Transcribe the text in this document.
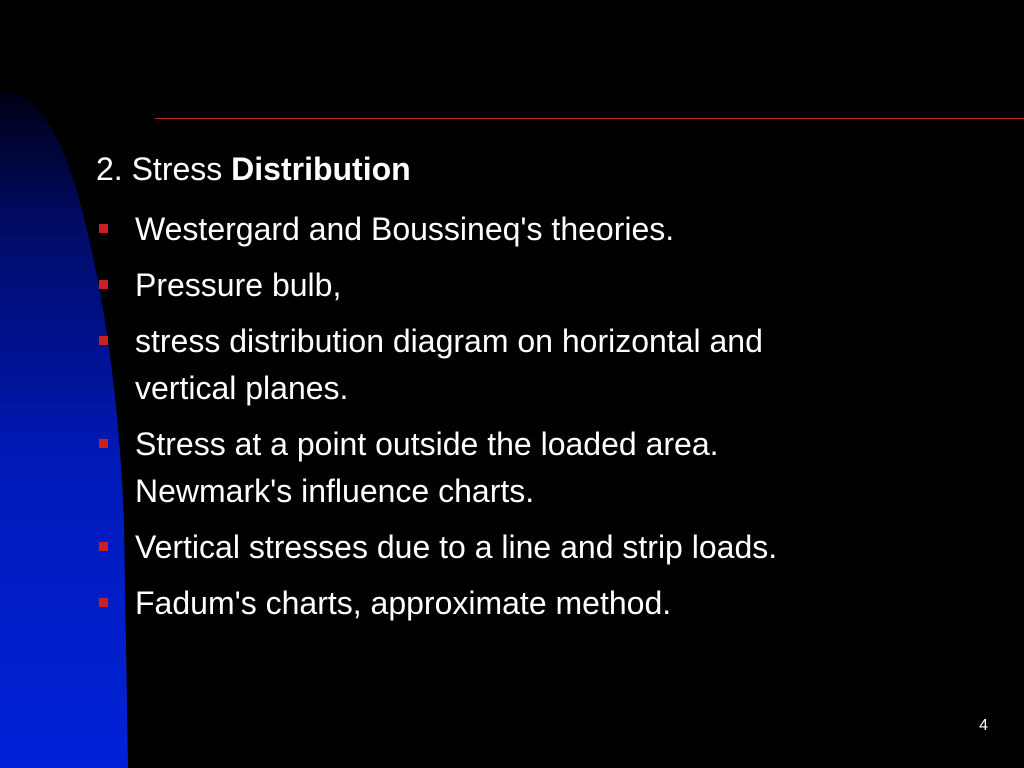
2. Stress Distribution
Westergard and Boussineq's theories.
Pressure bulb,
stress distribution diagram on horizontal and
vertical planes.
Stress at a point outside the loaded area.
Newmark's influence charts.
Vertical stresses due to a line and strip loads.
Fadum's charts, approximate method.
4
